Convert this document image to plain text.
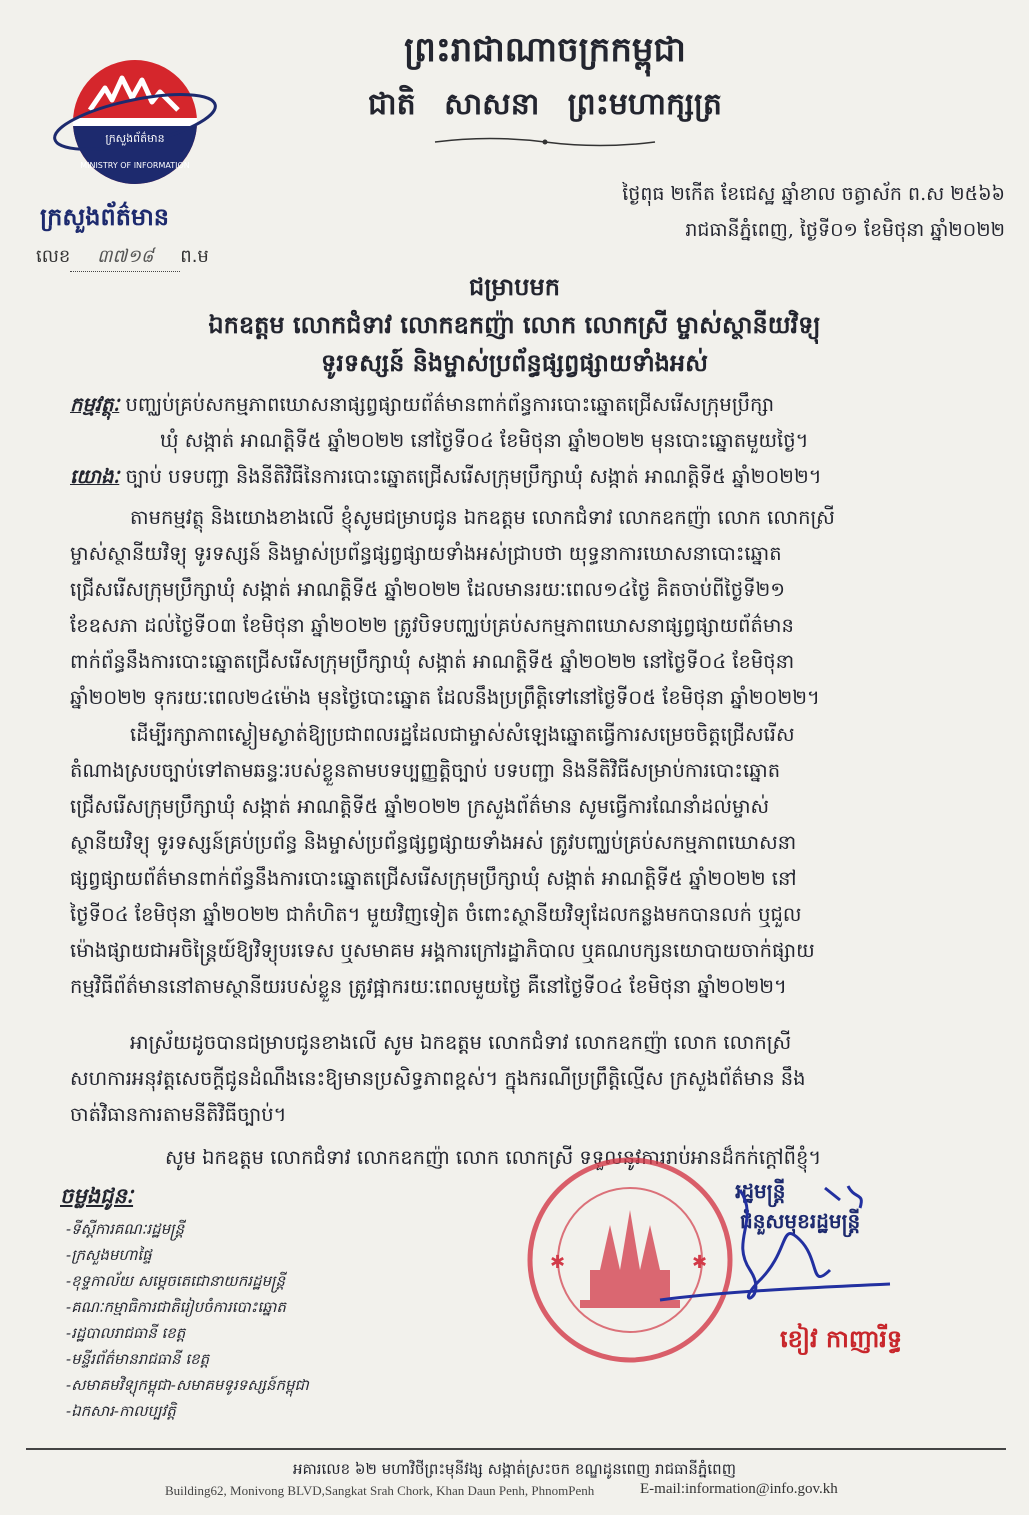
ព្រះរាជាណាចក្រកម្ពុជា
ជាតិ សាសនា ព្រះមហាក្សត្រ
ក្រសួងព័ត៌មាន
MINISTRY OF INFORMATION
ក្រសួងព័ត៌មាន
លេខ ៣៧១៨ ព.ម
ថ្ងៃពុធ ២កើត ខែជេស្ឋ ឆ្នាំខាល ចត្វាស័ក ព.ស ២៥៦៦
រាជធានីភ្នំពេញ, ថ្ងៃទី០១ ខែមិថុនា ឆ្នាំ២០២២
ជម្រាបមក
ឯកឧត្តម លោកជំទាវ លោកឧកញ៉ា លោក លោកស្រី ម្ចាស់ស្ថានីយវិទ្យុ
ទូរទស្សន៍ និងម្ចាស់ប្រព័ន្ធផ្សព្វផ្សាយទាំងអស់
កម្មវត្ថុៈ បញ្ឈប់គ្រប់សកម្មភាពឃោសនាផ្សព្វផ្សាយព័ត៌មានពាក់ព័ន្ធការបោះឆ្នោតជ្រើសរើសក្រុមប្រឹក្សា
ឃុំ សង្កាត់ អាណត្តិទី៥ ឆ្នាំ២០២២ នៅថ្ងៃទី០៤ ខែមិថុនា ឆ្នាំ២០២២ មុនបោះឆ្នោតមួយថ្ងៃ។
យោងៈ ច្បាប់ បទបញ្ជា និងនីតិវិធីនៃការបោះឆ្នោតជ្រើសរើសក្រុមប្រឹក្សាឃុំ សង្កាត់ អាណត្តិទី៥ ឆ្នាំ២០២២។
តាមកម្មវត្ថុ និងយោងខាងលើ ខ្ញុំសូមជម្រាបជូន ឯកឧត្តម លោកជំទាវ លោកឧកញ៉ា លោក លោកស្រី
ម្ចាស់ស្ថានីយវិទ្យុ ទូរទស្សន៍ និងម្ចាស់ប្រព័ន្ធផ្សព្វផ្សាយទាំងអស់ជ្រាបថា យុទ្ធនាការឃោសនាបោះឆ្នោត
ជ្រើសរើសក្រុមប្រឹក្សាឃុំ សង្កាត់ អាណត្តិទី៥ ឆ្នាំ២០២២ ដែលមានរយៈពេល១៤ថ្ងៃ គិតចាប់ពីថ្ងៃទី២១
ខែឧសភា ដល់ថ្ងៃទី០៣ ខែមិថុនា ឆ្នាំ២០២២ ត្រូវបិទបញ្ឈប់គ្រប់សកម្មភាពឃោសនាផ្សព្វផ្សាយព័ត៌មាន
ពាក់ព័ន្ធនឹងការបោះឆ្នោតជ្រើសរើសក្រុមប្រឹក្សាឃុំ សង្កាត់ អាណត្តិទី៥ ឆ្នាំ២០២២ នៅថ្ងៃទី០៤ ខែមិថុនា
ឆ្នាំ២០២២ ទុករយៈពេល២៤ម៉ោង មុនថ្ងៃបោះឆ្នោត ដែលនឹងប្រព្រឹត្តិទៅនៅថ្ងៃទី០៥ ខែមិថុនា ឆ្នាំ២០២២។
ដើម្បីរក្សាភាពស្ងៀមស្ងាត់ឱ្យប្រជាពលរដ្ឋដែលជាម្ចាស់សំឡេងឆ្នោតធ្វើការសម្រេចចិត្តជ្រើសរើស
តំណាងស្របច្បាប់ទៅតាមឆន្ទៈរបស់ខ្លួនតាមបទប្បញ្ញត្តិច្បាប់ បទបញ្ជា និងនីតិវិធីសម្រាប់ការបោះឆ្នោត
ជ្រើសរើសក្រុមប្រឹក្សាឃុំ សង្កាត់ អាណត្តិទី៥ ឆ្នាំ២០២២ ក្រសួងព័ត៌មាន សូមធ្វើការណែនាំដល់ម្ចាស់
ស្ថានីយវិទ្យុ ទូរទស្សន៍គ្រប់ប្រព័ន្ធ និងម្ចាស់ប្រព័ន្ធផ្សព្វផ្សាយទាំងអស់ ត្រូវបញ្ឈប់គ្រប់សកម្មភាពឃោសនា
ផ្សព្វផ្សាយព័ត៌មានពាក់ព័ន្ធនឹងការបោះឆ្នោតជ្រើសរើសក្រុមប្រឹក្សាឃុំ សង្កាត់ អាណត្តិទី៥ ឆ្នាំ២០២២ នៅ
ថ្ងៃទី០៤ ខែមិថុនា ឆ្នាំ២០២២ ជាកំហិត។ មួយវិញទៀត ចំពោះស្ថានីយវិទ្យុដែលកន្លងមកបានលក់ ឬជួល
ម៉ោងផ្សាយជាអចិន្ត្រៃយ៍ឱ្យវិទ្យុបរទេស ឬសមាគម អង្គការក្រៅរដ្ឋាភិបាល ឬគណបក្សនយោបាយចាក់ផ្សាយ
កម្មវិធីព័ត៌មាននៅតាមស្ថានីយរបស់ខ្លួន ត្រូវផ្អាករយៈពេលមួយថ្ងៃ គឺនៅថ្ងៃទី០៤ ខែមិថុនា ឆ្នាំ២០២២។
អាស្រ័យដូចបានជម្រាបជូនខាងលើ សូម ឯកឧត្តម លោកជំទាវ លោកឧកញ៉ា លោក លោកស្រី
សហការអនុវត្តសេចក្តីជូនដំណឹងនេះឱ្យមានប្រសិទ្ធភាពខ្ពស់។ ក្នុងករណីប្រព្រឹត្តិល្មើស ក្រសួងព័ត៌មាន នឹង
ចាត់វិធានការតាមនីតិវិធីច្បាប់។
សូម ឯកឧត្តម លោកជំទាវ លោកឧកញ៉ា លោក លោកស្រី ទទួលនូវការរាប់អានដ៏កក់ក្តៅពីខ្ញុំ។
✱	✱
រដ្ឋមន្ត្រី
ជំនួសមុខរដ្ឋមន្ត្រី
ខៀវ កាញារីទ្ធ
ចម្លងជូនៈ
-ទីស្តីការគណៈរដ្ឋមន្ត្រី
-ក្រសួងមហាផ្ទៃ
-ខុទ្ទកាល័យ សម្តេចតេជោនាយករដ្ឋមន្ត្រី
-គណៈកម្មាធិការជាតិរៀបចំការបោះឆ្នោត
-រដ្ឋបាលរាជធានី ខេត្ត
-មន្ទីរព័ត៌មានរាជធានី ខេត្ត
-សមាគមវិទ្យុកម្ពុជា-សមាគមទូរទស្សន៍កម្ពុជា
-ឯកសារ-កាលប្បវត្តិ
អគារលេខ ៦២ មហាវិថីព្រះមុនីវង្ស សង្កាត់ស្រះចក ខណ្ឌដូនពេញ រាជធានីភ្នំពេញ
Building62, Monivong BLVD,Sangkat Srah Chork, Khan Daun Penh, PhnomPenh	E-mail:information@info.gov.kh
